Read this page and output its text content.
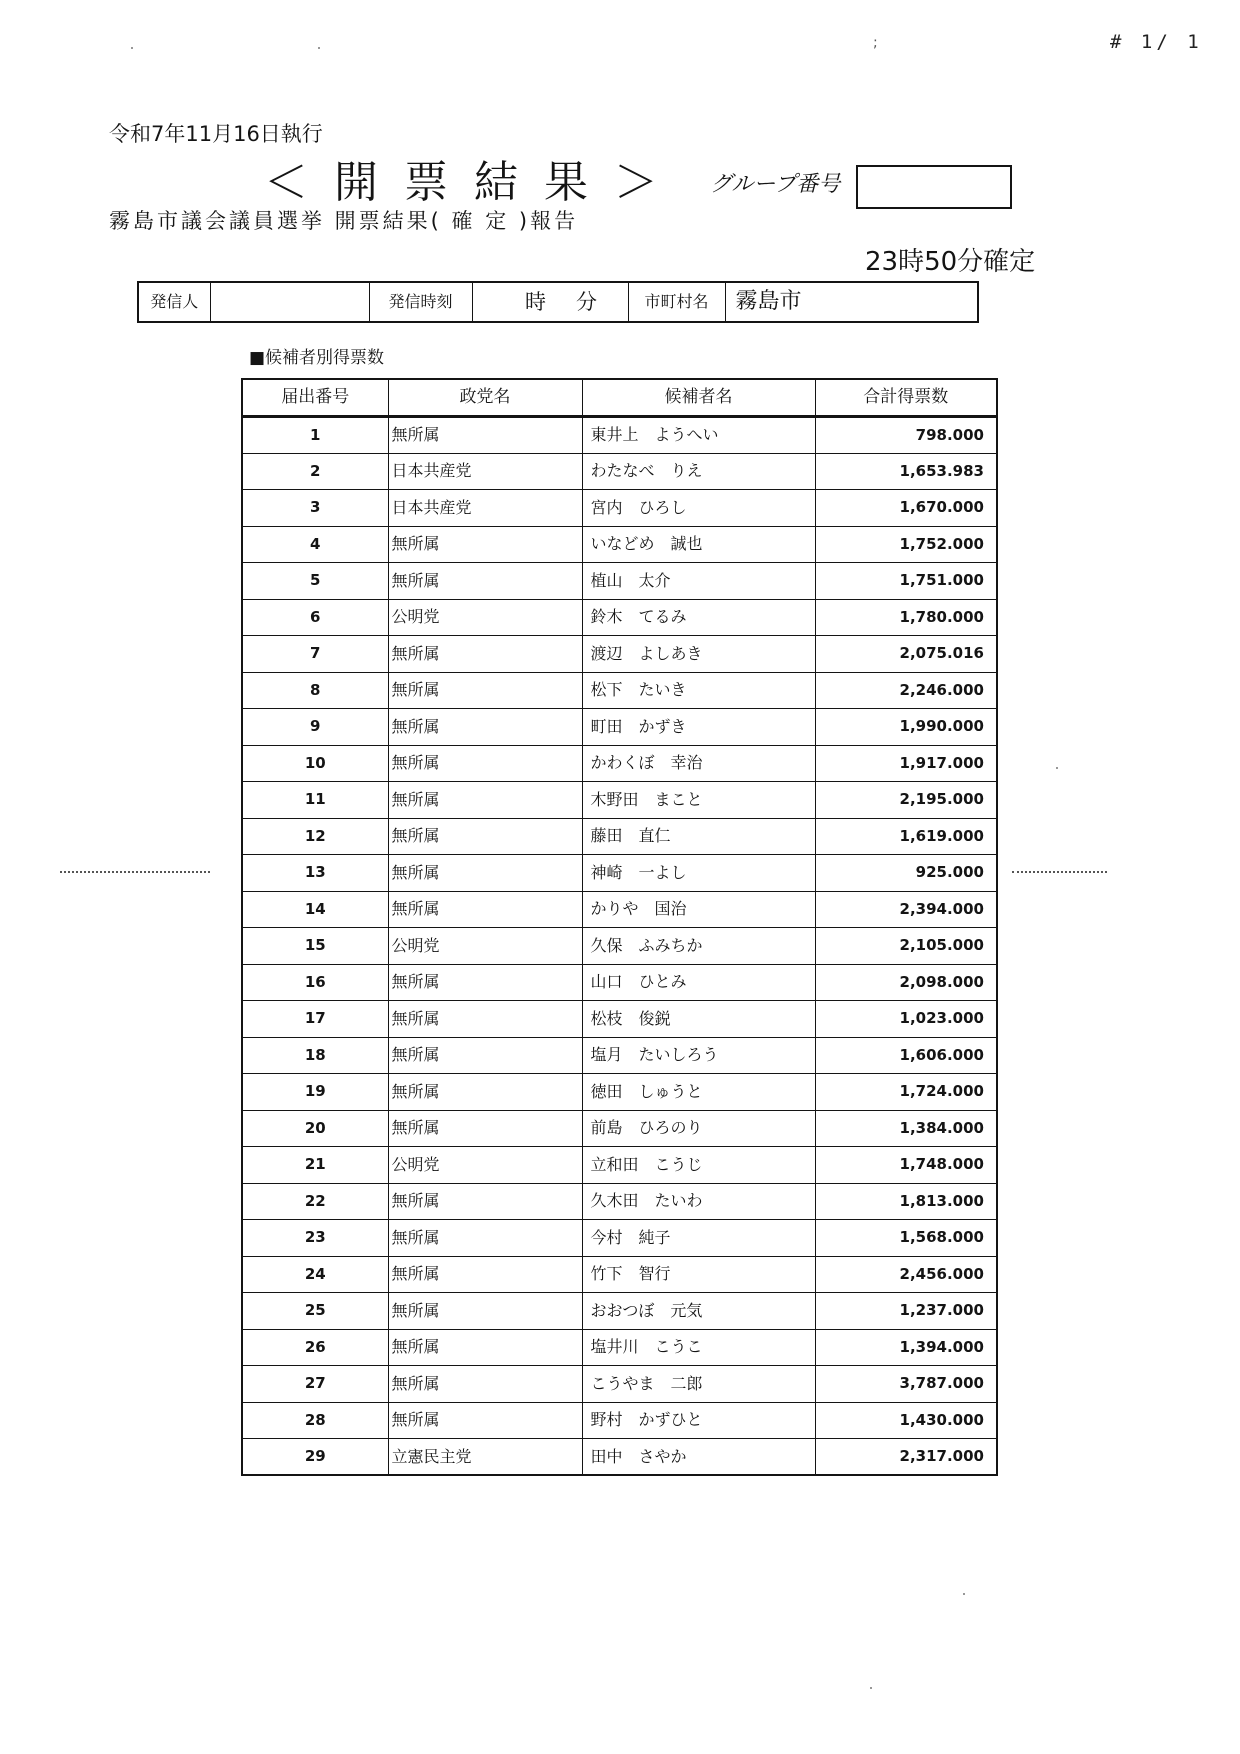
# 1/ 1
;
令和7年11月16日執行
＜ 開 票 結 果 ＞ グループ番号
霧島市議会議員選挙 開票結果( 確 定 )報告
23時50分確定
発信人		発信時刻	時 分	市町村名	霧島市
■候補者別得票数
届出番号	政党名	候補者名	合計得票数
1	無所属	東井上　ようへい	798.000
2	日本共産党	わたなべ　りえ	1,653.983
3	日本共産党	宮内　ひろし	1,670.000
4	無所属	いなどめ　誠也	1,752.000
5	無所属	植山　太介	1,751.000
6	公明党	鈴木　てるみ	1,780.000
7	無所属	渡辺　よしあき	2,075.016
8	無所属	松下　たいき	2,246.000
9	無所属	町田　かずき	1,990.000
10	無所属	かわくぼ　幸治	1,917.000
11	無所属	木野田　まこと	2,195.000
12	無所属	藤田　直仁	1,619.000
13	無所属	神崎　一よし	925.000
14	無所属	かりや　国治	2,394.000
15	公明党	久保　ふみちか	2,105.000
16	無所属	山口　ひとみ	2,098.000
17	無所属	松枝　俊鋭	1,023.000
18	無所属	塩月　たいしろう	1,606.000
19	無所属	徳田　しゅうと	1,724.000
20	無所属	前島　ひろのり	1,384.000
21	公明党	立和田　こうじ	1,748.000
22	無所属	久木田　たいわ	1,813.000
23	無所属	今村　純子	1,568.000
24	無所属	竹下　智行	2,456.000
25	無所属	おおつぼ　元気	1,237.000
26	無所属	塩井川　こうこ	1,394.000
27	無所属	こうやま　二郎	3,787.000
28	無所属	野村　かずひと	1,430.000
29	立憲民主党	田中　さやか	2,317.000
